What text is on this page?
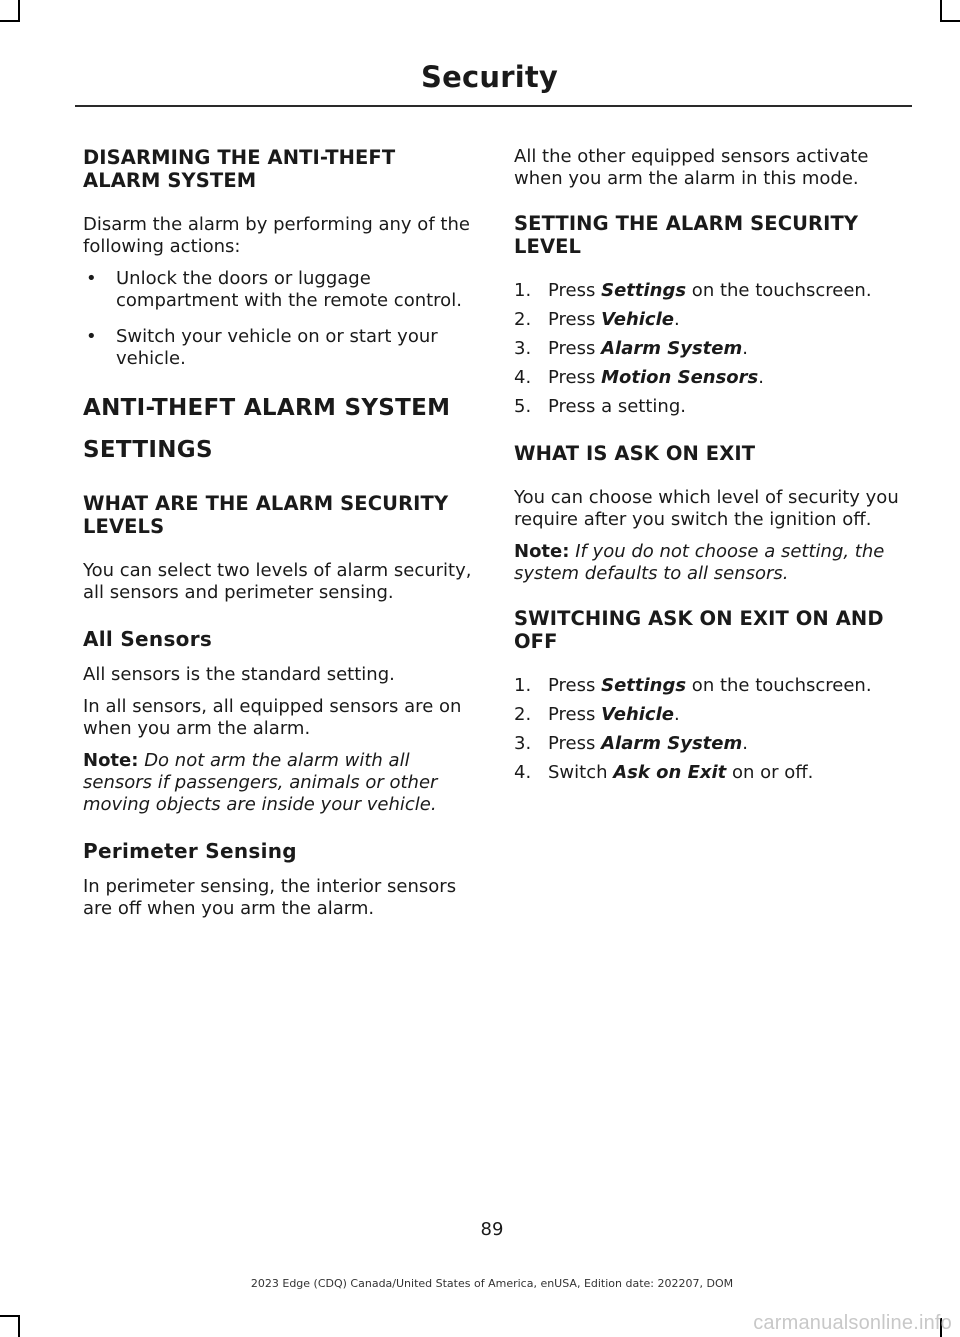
Security
DISARMING THE ANTI-THEFT ALARM SYSTEM

Disarm the alarm by performing any of the following actions:

• Unlock the doors or luggage compartment with the remote control.
• Switch your vehicle on or start your vehicle.
ANTI-THEFT ALARM SYSTEM
SETTINGS
WHAT ARE THE ALARM SECURITY LEVELS

You can select two levels of alarm security, all sensors and perimeter sensing.

All Sensors

All sensors is the standard setting.

In all sensors, all equipped sensors are on when you arm the alarm.

Note: Do not arm the alarm with all sensors if passengers, animals or other moving objects are inside your vehicle.

Perimeter Sensing

In perimeter sensing, the interior sensors are off when you arm the alarm.

All the other equipped sensors activate when you arm the alarm in this mode.

SETTING THE ALARM SECURITY LEVEL
1. Press Settings on the touchscreen.
2. Press Vehicle.
3. Press Alarm System.
4. Press Motion Sensors.
5. Press a setting.
WHAT IS ASK ON EXIT

You can choose which level of security you require after you switch the ignition off.

Note: If you do not choose a setting, the system defaults to all sensors.

SWITCHING ASK ON EXIT ON AND OFF
1. Press Settings on the touchscreen.
2. Press Vehicle.
3. Press Alarm System.
4. Switch Ask on Exit on or off.
89
2023 Edge (CDQ) Canada/United States of America, enUSA, Edition date: 202207, DOM
carmanualsonline.info
